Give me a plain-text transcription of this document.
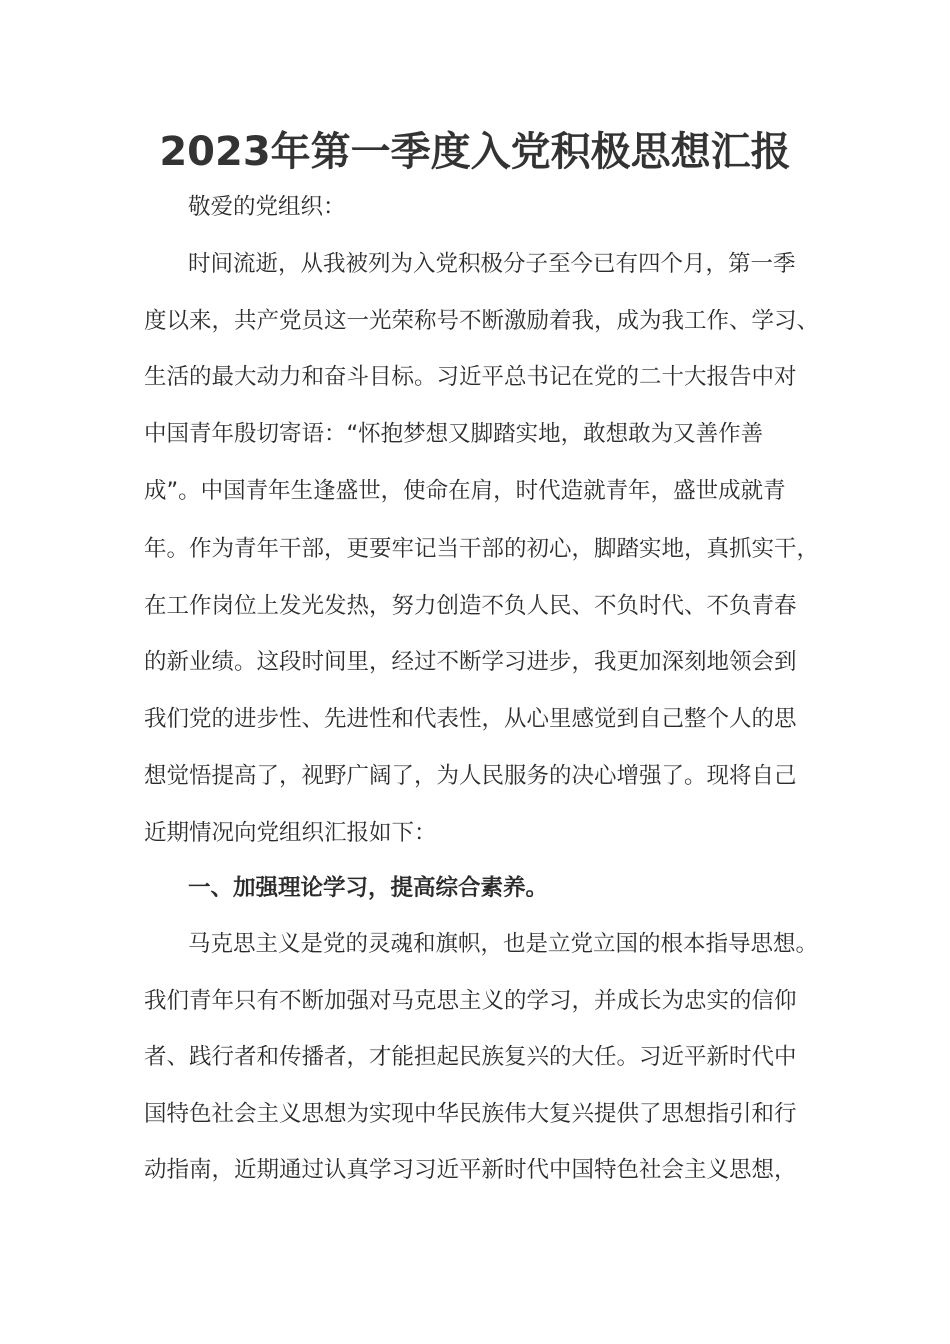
2023年第一季度入党积极思想汇报
敬爱的党组织：
时间流逝，从我被列为入党积极分子至今已有四个月，第一季
度以来，共产党员这一光荣称号不断激励着我，成为我工作、学习、
生活的最大动力和奋斗目标。习近平总书记在党的二十大报告中对
中国青年殷切寄语：“怀抱梦想又脚踏实地，敢想敢为又善作善
成”。中国青年生逢盛世，使命在肩，时代造就青年，盛世成就青
年。作为青年干部，更要牢记当干部的初心，脚踏实地，真抓实干，
在工作岗位上发光发热，努力创造不负人民、不负时代、不负青春
的新业绩。这段时间里，经过不断学习进步，我更加深刻地领会到
我们党的进步性、先进性和代表性，从心里感觉到自己整个人的思
想觉悟提高了，视野广阔了，为人民服务的决心增强了。现将自己
近期情况向党组织汇报如下：
一、加强理论学习，提高综合素养。
马克思主义是党的灵魂和旗帜，也是立党立国的根本指导思想。
我们青年只有不断加强对马克思主义的学习，并成长为忠实的信仰
者、践行者和传播者，才能担起民族复兴的大任。习近平新时代中
国特色社会主义思想为实现中华民族伟大复兴提供了思想指引和行
动指南，近期通过认真学习习近平新时代中国特色社会主义思想，
